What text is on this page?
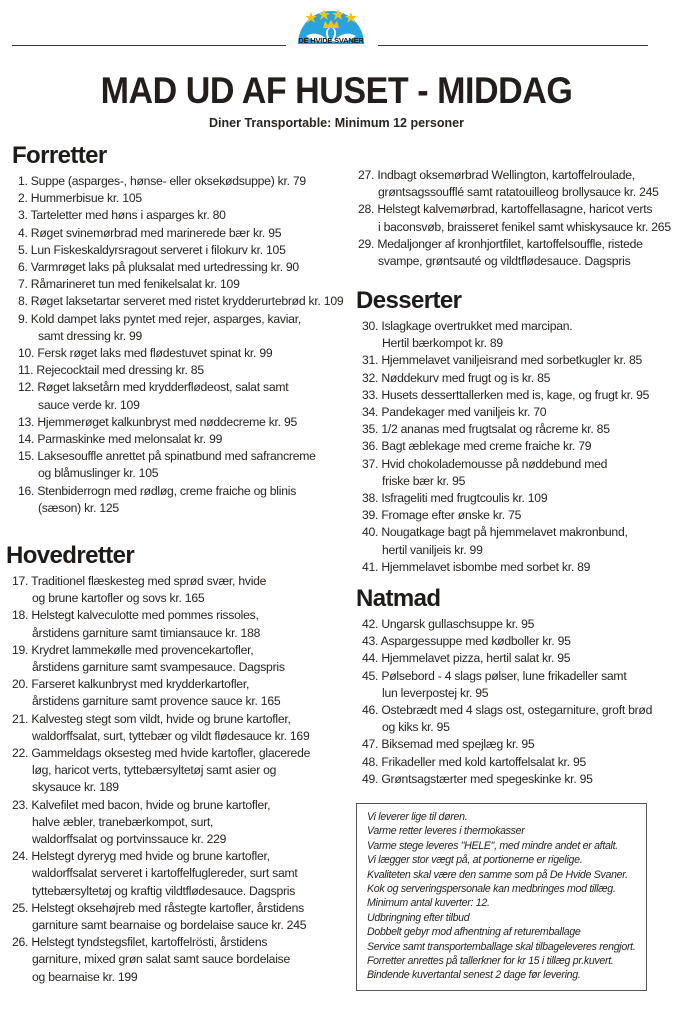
DE HVIDE SVANER
MAD UD AF HUSET - MIDDAG
Diner Transportable: Minimum 12 personer
Forretter
1. Suppe (asparges-, hønse- eller oksekødsuppe) kr. 79
2. Hummerbisue kr. 105
3. Tarteletter med høns i asparges kr. 80
4. Røget svinemørbrad med marinerede bær kr. 95
5. Lun Fiskeskaldyrsragout serveret i filokurv kr. 105
6. Varmrøget laks på pluksalat med urtedressing kr. 90
7. Råmarineret tun med fenikelsalat kr. 109
8. Røget laksetartar serveret med ristet krydderurtebrød kr. 109
9. Kold dampet laks pyntet med rejer, asparges, kaviar,
samt dressing kr. 99
10. Fersk røget laks med flødestuvet spinat kr. 99
11. Rejecocktail med dressing kr. 85
12. Røget laksetårn med krydderflødeost, salat samt
sauce verde kr. 109
13. Hjemmerøget kalkunbryst med nøddecreme kr. 95
14. Parmaskinke med melonsalat kr. 99
15. Laksesouffle anrettet på spinatbund med safrancreme
og blåmuslinger kr. 105
16. Stenbiderrogn med rødløg, creme fraiche og blinis
(sæson) kr. 125
Hovedretter
17. Traditionel flæskesteg med sprød svær, hvide
og brune kartofler og sovs kr. 165
18. Helstegt kalveculotte med pommes rissoles,
årstidens garniture samt timiansauce kr. 188
19. Krydret lammekølle med provencekartofler,
årstidens garniture samt svampesauce. Dagspris
20. Farseret kalkunbryst med krydderkartofler,
årstidens garniture samt provence sauce kr. 165
21. Kalvesteg stegt som vildt, hvide og brune kartofler,
waldorffsalat, surt, tyttebær og vildt flødesauce kr. 169
22. Gammeldags oksesteg med hvide kartofler, glacerede
løg, haricot verts, tyttebærsyltetøj samt asier og
skysauce kr. 189
23. Kalvefilet med bacon, hvide og brune kartofler,
halve æbler, tranebærkompot, surt,
waldorffsalat og portvinssauce kr. 229
24. Helstegt dyreryg med hvide og brune kartofler,
waldorffsalat serveret i kartoffelfuglereder, surt samt
tyttebærsyltetøj og kraftig vildtflødesauce. Dagspris
25. Helstegt oksehøjreb med råstegte kartofler, årstidens
garniture samt bearnaise og bordelaise sauce kr. 245
26. Helstegt tyndstegsfilet, kartoffelrösti, årstidens
garniture, mixed grøn salat samt sauce bordelaise
og bearnaise kr. 199
27. Indbagt oksemørbrad Wellington, kartoffelroulade,
grøntsagssoufflé samt ratatouilleog brollysauce kr. 245
28. Helstegt kalvemørbrad, kartoffellasagne, haricot verts
i baconsvøb, braisseret fenikel samt whiskysauce kr. 265
29. Medaljonger af kronhjortfilet, kartoffelsouffle, ristede
svampe, grøntsauté og vildtflødesauce. Dagspris
Desserter
30. Islagkage overtrukket med marcipan.
Hertil bærkompot kr. 89
31. Hjemmelavet vaniljeisrand med sorbetkugler kr. 85
32. Nøddekurv med frugt og is kr. 85
33. Husets desserttallerken med is, kage, og frugt kr. 95
34. Pandekager med vaniljeis kr. 70
35. 1/2 ananas med frugtsalat og råcreme kr. 85
36. Bagt æblekage med creme fraiche kr. 79
37. Hvid chokolademousse på nøddebund med
friske bær kr. 95
38. Isfrageliti med frugtcoulis kr. 109
39. Fromage efter ønske kr. 75
40. Nougatkage bagt på hjemmelavet makronbund,
hertil vaniljeis kr. 99
41. Hjemmelavet isbombe med sorbet kr. 89
Natmad
42. Ungarsk gullaschsuppe kr. 95
43. Aspargessuppe med kødboller kr. 95
44. Hjemmelavet pizza, hertil salat kr. 95
45. Pølsebord - 4 slags pølser, lune frikadeller samt
lun leverpostej kr. 95
46. Ostebrædt med 4 slags ost, ostegarniture, groft brød
og kiks kr. 95
47. Biksemad med spejlæg kr. 95
48. Frikadeller med kold kartoffelsalat kr. 95
49. Grøntsagstærter med spegeskinke kr. 95
Vi leverer lige til døren.
Varme retter leveres i thermokasser
Varme stege leveres "HELE", med mindre andet er aftalt.
Vi lægger stor vægt på, at portionerne er rigelige.
Kvaliteten skal være den samme som på De Hvide Svaner.
Kok og serveringspersonale kan medbringes mod tillæg.
Minimum antal kuverter: 12.
Udbringning efter tilbud
Dobbelt gebyr mod afhentning af returemballage
Service samt transportemballage skal tilbageleveres rengjort.
Forretter anrettes på tallerkner for kr 15 i tillæg pr.kuvert.
Bindende kuvertantal senest 2 dage før levering.
